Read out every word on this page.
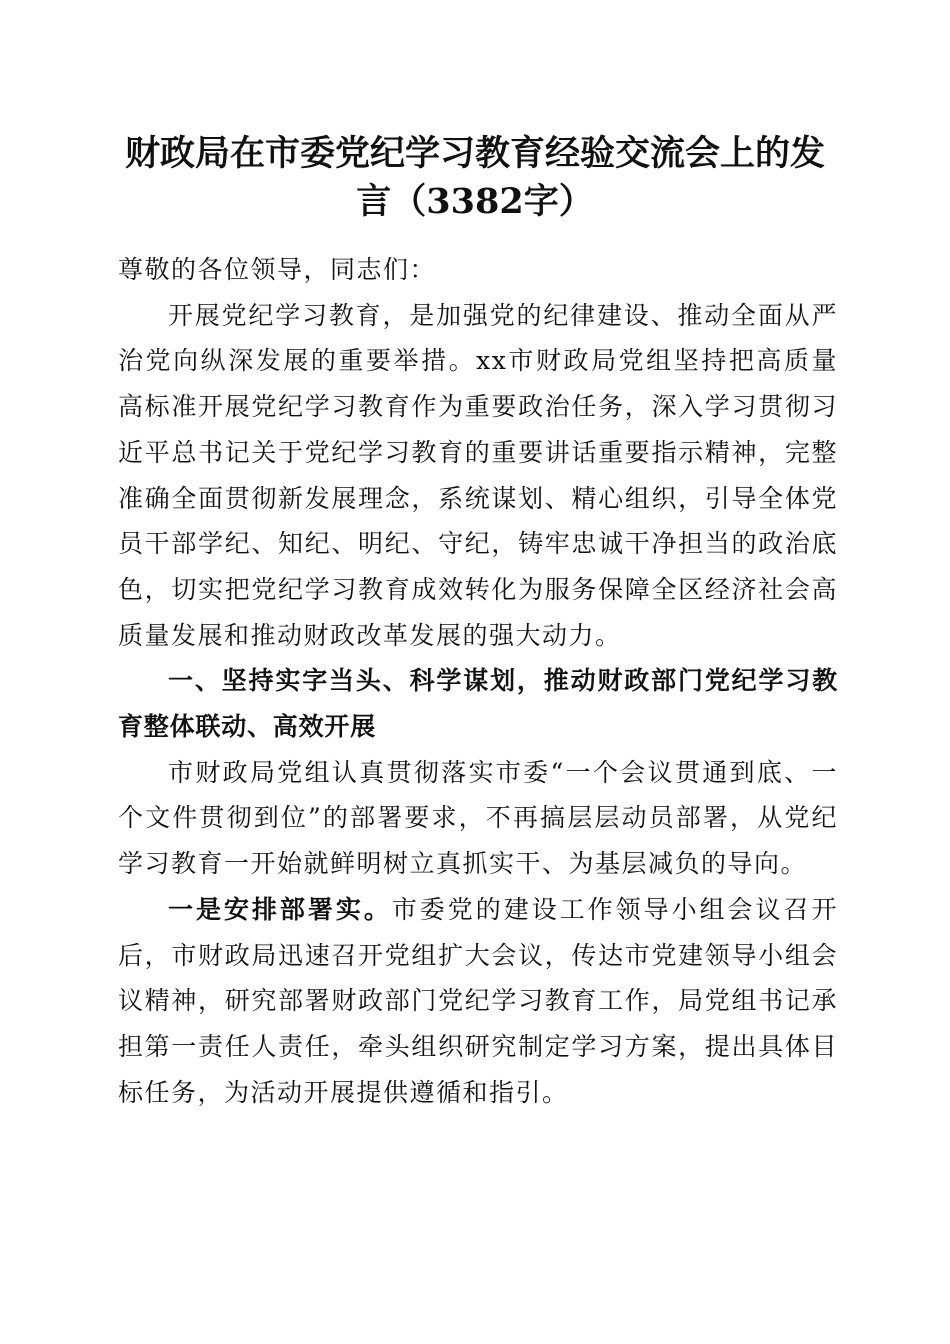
财政局在市委党纪学习教育经验交流会上的发言（3382字）

尊敬的各位领导，同志们：

开展党纪学习教育，是加强党的纪律建设、推动全面从严治党向纵深发展的重要举措。xx市财政局党组坚持把高质量高标准开展党纪学习教育作为重要政治任务，深入学习贯彻习近平总书记关于党纪学习教育的重要讲话重要指示精神，完整准确全面贯彻新发展理念，系统谋划、精心组织，引导全体党员干部学纪、知纪、明纪、守纪，铸牢忠诚干净担当的政治底色，切实把党纪学习教育成效转化为服务保障全区经济社会高质量发展和推动财政改革发展的强大动力。

一、坚持实字当头、科学谋划，推动财政部门党纪学习教育整体联动、高效开展

市财政局党组认真贯彻落实市委“一个会议贯通到底、一个文件贯彻到位”的部署要求，不再搞层层动员部署，从党纪学习教育一开始就鲜明树立真抓实干、为基层减负的导向。

一是安排部署实。市委党的建设工作领导小组会议召开后，市财政局迅速召开党组扩大会议，传达市党建领导小组会议精神，研究部署财政部门党纪学习教育工作，局党组书记承担第一责任人责任，牵头组织研究制定学习方案，提出具体目标任务，为活动开展提供遵循和指引。
